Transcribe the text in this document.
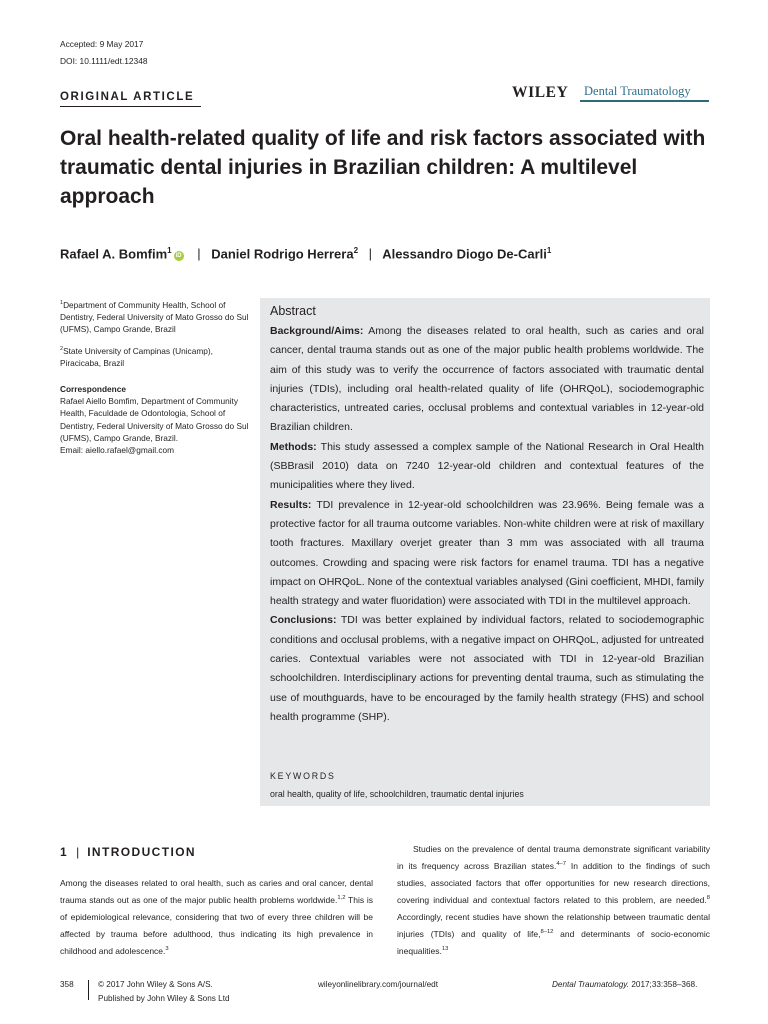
Accepted: 9 May 2017
DOI: 10.1111/edt.12348
ORIGINAL ARTICLE	WILEY	Dental Traumatology
Oral health-related quality of life and risk factors associated with traumatic dental injuries in Brazilian children: A multilevel approach
Rafael A. Bomfim$^1$iD | Daniel Rodrigo Herrera$^2$ | Alessandro Diogo De-Carli$^1$
$^1$Department of Community Health, School of Dentistry, Federal University of Mato Grosso do Sul (UFMS), Campo Grande, Brazil
$^2$State University of Campinas (Unicamp), Piracicaba, Brazil
Correspondence
Rafael Aiello Bomfim, Department of Community Health, Faculdade de Odontologia, School of Dentistry, Federal University of Mato Grosso do Sul (UFMS), Campo Grande, Brazil.
Email: aiello.rafael@gmail.com
Abstract
Background/Aims: Among the diseases related to oral health, such as caries and oral cancer, dental trauma stands out as one of the major public health problems worldwide. The aim of this study was to verify the occurrence of factors associated with traumatic dental injuries (TDIs), including oral health-related quality of life (OHRQoL), sociodemographic characteristics, untreated caries, occlusal problems and contextual variables in 12-year-old Brazilian children.
Methods: This study assessed a complex sample of the National Research in Oral Health (SBBrasil 2010) data on 7240 12-year-old children and contextual features of the municipalities where they lived.
Results: TDI prevalence in 12-year-old schoolchildren was 23.96%. Being female was a protective factor for all trauma outcome variables. Non-white children were at risk of maxillary tooth fractures. Maxillary overjet greater than 3 mm was associated with all trauma outcomes. Crowding and spacing were risk factors for enamel trauma. TDI has a negative impact on OHRQoL. None of the contextual variables analysed (Gini coefficient, MHDI, family health strategy and water fluoridation) were associated with TDI in the multilevel approach.
Conclusions: TDI was better explained by individual factors, related to sociodemographic conditions and occlusal problems, with a negative impact on OHRQoL, adjusted for untreated caries. Contextual variables were not associated with TDI in 12-year-old Brazilian schoolchildren. Interdisciplinary actions for preventing dental trauma, such as stimulating the use of mouthguards, have to be encouraged by the family health strategy (FHS) and school health programme (SHP).
KEYWORDS
oral health, quality of life, schoolchildren, traumatic dental injuries
1 | INTRODUCTION
Among the diseases related to oral health, such as caries and oral cancer, dental trauma stands out as one of the major public health problems worldwide.$^{1,2}$ This is of epidemiological relevance, considering that two of every three children will be affected by trauma before adulthood, thus indicating its high prevalence in childhood and adolescence.$^3$
Studies on the prevalence of dental trauma demonstrate significant variability in its frequency across Brazilian states.$^{4-7}$ In addition to the findings of such studies, associated factors that offer opportunities for new research directions, covering individual and contextual factors related to this problem, are needed.$^8$ Accordingly, recent studies have shown the relationship between traumatic dental injuries (TDIs) and quality of life,$^{8-12}$ and determinants of socio-economic inequalities.$^{13}$
358	© 2017 John Wiley & Sons A/S.
Published by John Wiley & Sons Ltd
wileyonlinelibrary.com/journal/edt	Dental Traumatology. 2017;33:358–368.
